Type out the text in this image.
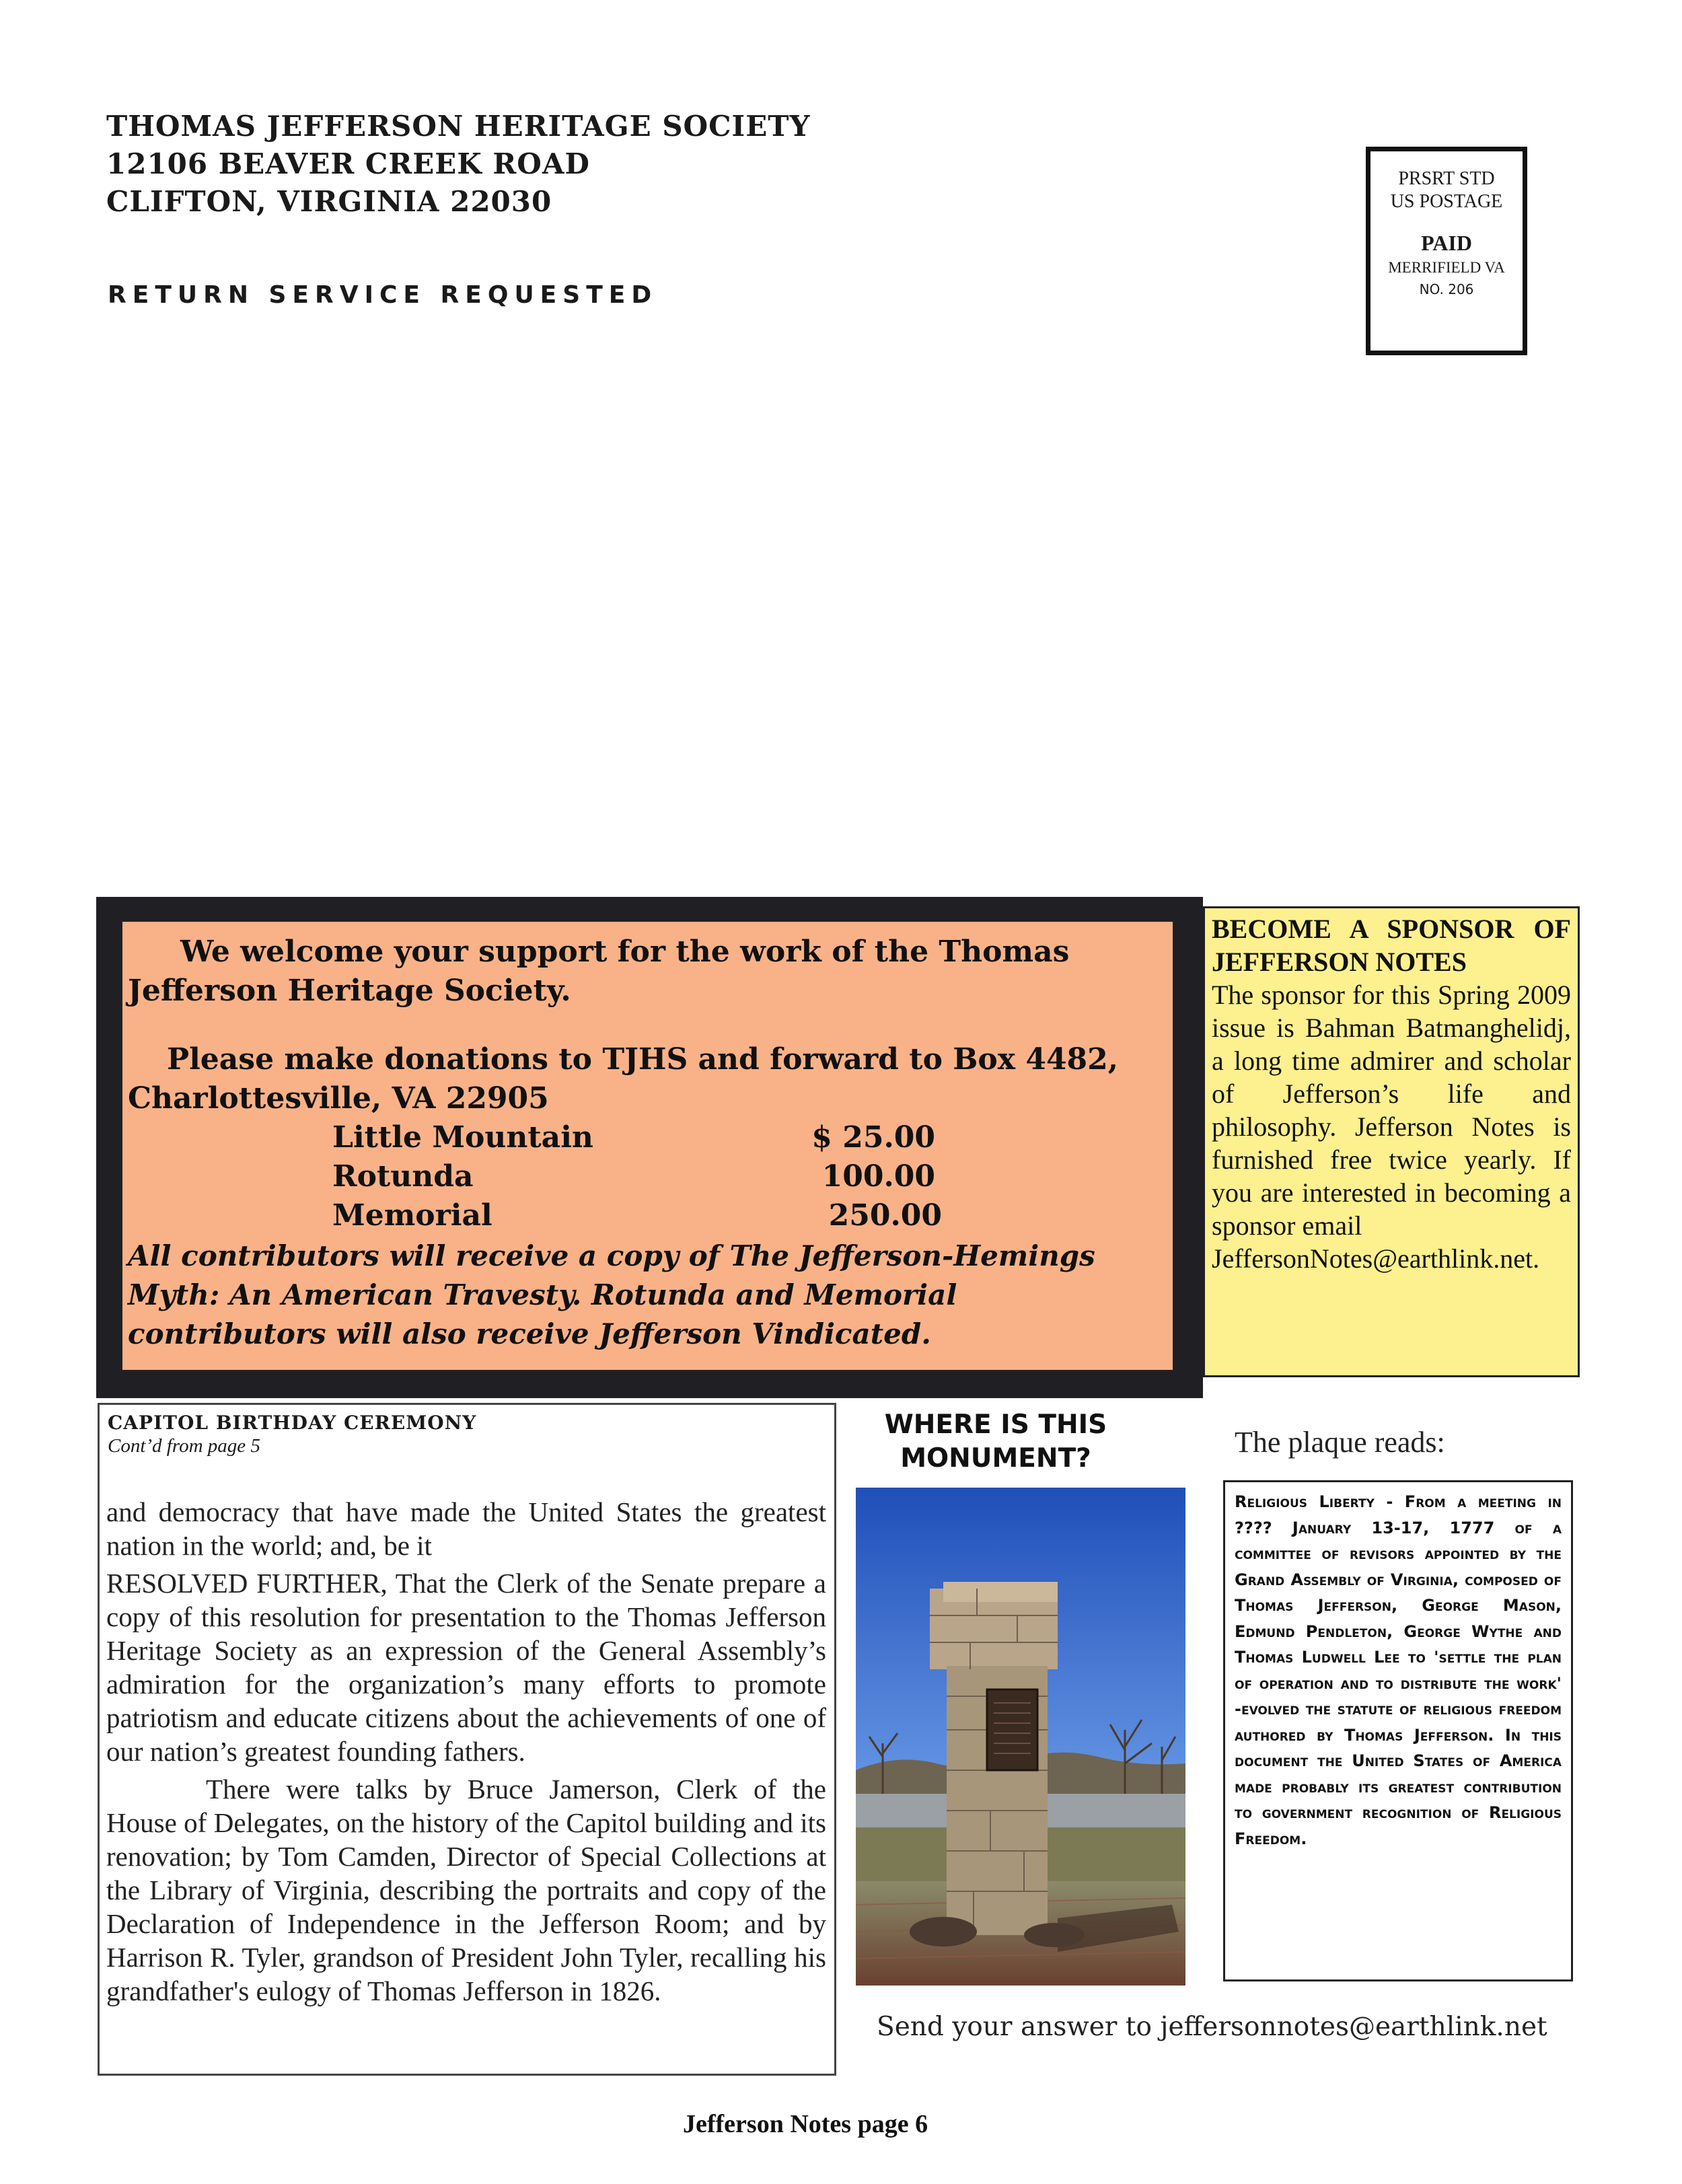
THOMAS JEFFERSON HERITAGE SOCIETY
12106 BEAVER CREEK ROAD
CLIFTON, VIRGINIA 22030
RETURN SERVICE REQUESTED
PRSRT STD
US POSTAGE
PAID
MERRIFIELD VA
NO. 206
We welcome your support for the work of the Thomas Jefferson Heritage Society.
Please make donations to TJHS and forward to Box 4482, Charlottesville, VA 22905
Little Mountain	$ 25.00
Rotunda	100.00
Memorial	250.00
All contributors will receive a copy of The Jefferson-Hemings Myth: An American Travesty. Rotunda and Memorial contributors will also receive Jefferson Vindicated.
BECOME A SPONSOR OF
JEFFERSON NOTES
The sponsor for this Spring 2009 issue is Bahman Batmanghelidj, a long time admirer and scholar of Jefferson’s life and philosophy. Jefferson Notes is furnished free twice yearly. If you are interested in becoming a sponsor email
JeffersonNotes@earthlink.net.
CAPITOL BIRTHDAY CEREMONY
Cont’d from page 5

and democracy that have made the United States the greatest nation in the world; and, be it

RESOLVED FURTHER, That the Clerk of the Senate prepare a copy of this resolution for presentation to the Thomas Jefferson Heritage Society as an expression of the General Assembly’s admiration for the organization’s many efforts to promote patriotism and educate citizens about the achievements of one of our nation’s greatest founding fathers.

There were talks by Bruce Jamerson, Clerk of the House of Delegates, on the history of the Capitol building and its renovation; by Tom Camden, Director of Special Collections at the Library of Virginia, describing the portraits and copy of the Declaration of Independence in the Jefferson Room; and by Harrison R. Tyler, grandson of President John Tyler, recalling his grandfather's eulogy of Thomas Jefferson in 1826.

WHERE IS THIS
MONUMENT?	The plaque reads:
Religious Liberty - From a meeting in ???? January 13-17, 1777 of a committee of revisors appointed by the Grand Assembly of Virginia, composed of Thomas Jefferson, George Mason, Edmund Pendleton, George Wythe and Thomas Ludwell Lee to 'settle the plan of operation and to distribute the work' -evolved the statute of religious freedom authored by Thomas Jefferson. In this document the United States of America made probably its greatest contribution to government recognition of Religious Freedom.
Send your answer to jeffersonnotes@earthlink.net
Jefferson Notes page 6
